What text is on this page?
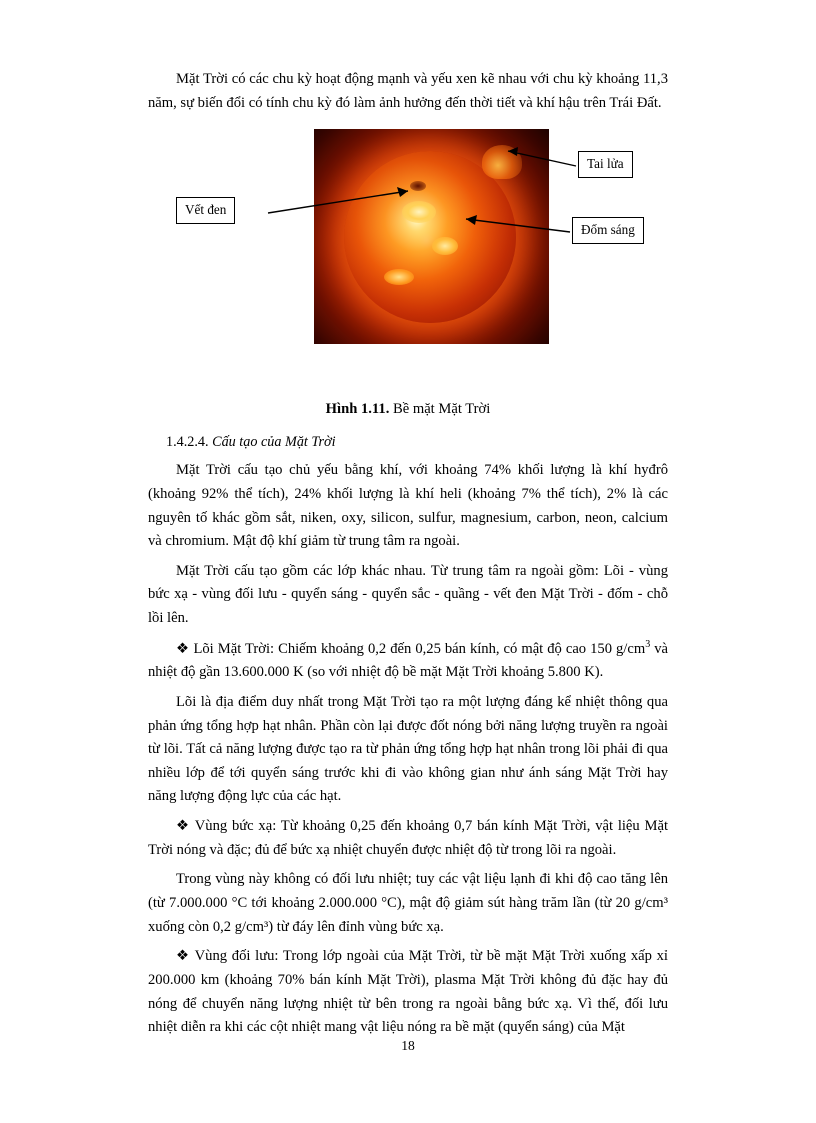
Mặt Trời có các chu kỳ hoạt động mạnh và yếu xen kẽ nhau với chu kỳ khoảng 11,3 năm, sự biến đổi có tính chu kỳ đó làm ảnh hưởng đến thời tiết và khí hậu trên Trái Đất.

Tai lửa
Vết đen
Đốm sáng
Hình 1.11. Bề mặt Mặt Trời
1.4.2.4. Cấu tạo của Mặt Trời

Mặt Trời cấu tạo chủ yếu bằng khí, với khoảng 74% khối lượng là khí hyđrô (khoảng 92% thể tích), 24% khối lượng là khí heli (khoảng 7% thể tích), 2% là các nguyên tố khác gồm sắt, niken, oxy, silicon, sulfur, magnesium, carbon, neon, calcium và chromium. Mật độ khí giảm từ trung tâm ra ngoài.

Mặt Trời cấu tạo gồm các lớp khác nhau. Từ trung tâm ra ngoài gồm: Lõi - vùng bức xạ - vùng đối lưu - quyển sáng - quyển sắc - quầng - vết đen Mặt Trời - đốm - chỗ lồi lên.

❖ Lõi Mặt Trời: Chiếm khoảng 0,2 đến 0,25 bán kính, có mật độ cao 150 $g/cm^3$ và nhiệt độ gần 13.600.000 K (so với nhiệt độ bề mặt Mặt Trời khoảng 5.800 K).

Lõi là địa điểm duy nhất trong Mặt Trời tạo ra một lượng đáng kể nhiệt thông qua phản ứng tổng hợp hạt nhân. Phần còn lại được đốt nóng bởi năng lượng truyền ra ngoài từ lõi. Tất cả năng lượng được tạo ra từ phản ứng tổng hợp hạt nhân trong lõi phải đi qua nhiều lớp để tới quyển sáng trước khi đi vào không gian như ánh sáng Mặt Trời hay năng lượng động lực của các hạt.

❖ Vùng bức xạ: Từ khoảng 0,25 đến khoảng 0,7 bán kính Mặt Trời, vật liệu Mặt Trời nóng và đặc; đủ để bức xạ nhiệt chuyển được nhiệt độ từ trong lõi ra ngoài.

Trong vùng này không có đối lưu nhiệt; tuy các vật liệu lạnh đi khi độ cao tăng lên (từ 7.000.000 °C tới khoảng 2.000.000 °C), mật độ giảm sút hàng trăm lần (từ 20 g/cm³ xuống còn 0,2 g/cm³) từ đáy lên đỉnh vùng bức xạ.

❖ Vùng đối lưu: Trong lớp ngoài của Mặt Trời, từ bề mặt Mặt Trời xuống xấp xỉ 200.000 km (khoảng 70% bán kính Mặt Trời), plasma Mặt Trời không đủ đặc hay đủ nóng để chuyển năng lượng nhiệt từ bên trong ra ngoài bằng bức xạ. Vì thế, đối lưu nhiệt diễn ra khi các cột nhiệt mang vật liệu nóng ra bề mặt (quyển sáng) của Mặt

18
